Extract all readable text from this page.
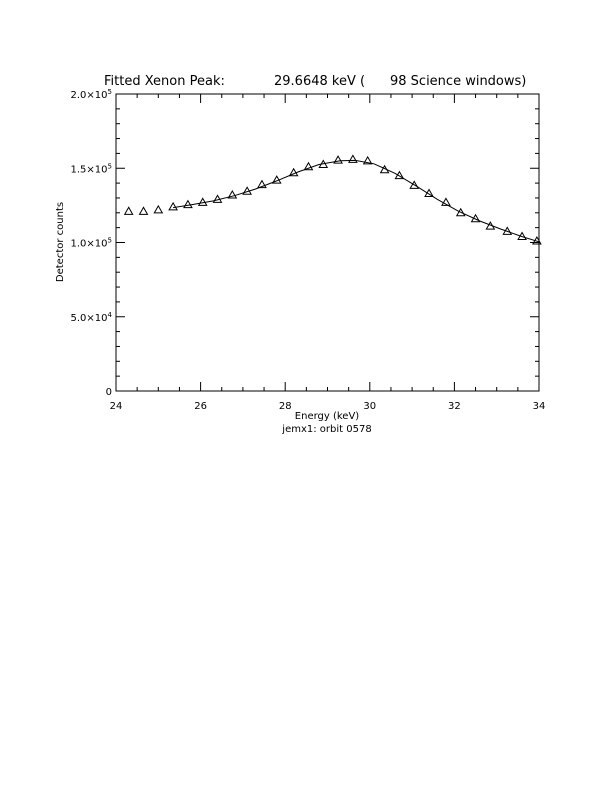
Fitted Xenon Peak:	29.6648 keV ( 98 Science windows)
24	26	28	30	32	34
0
$5.0\times 10^4$
$1.0\times 10^5$
$1.5\times 10^5$
$2.0\times 10^5$
Energy (keV)
jemx1: orbit 0578
Detector counts
